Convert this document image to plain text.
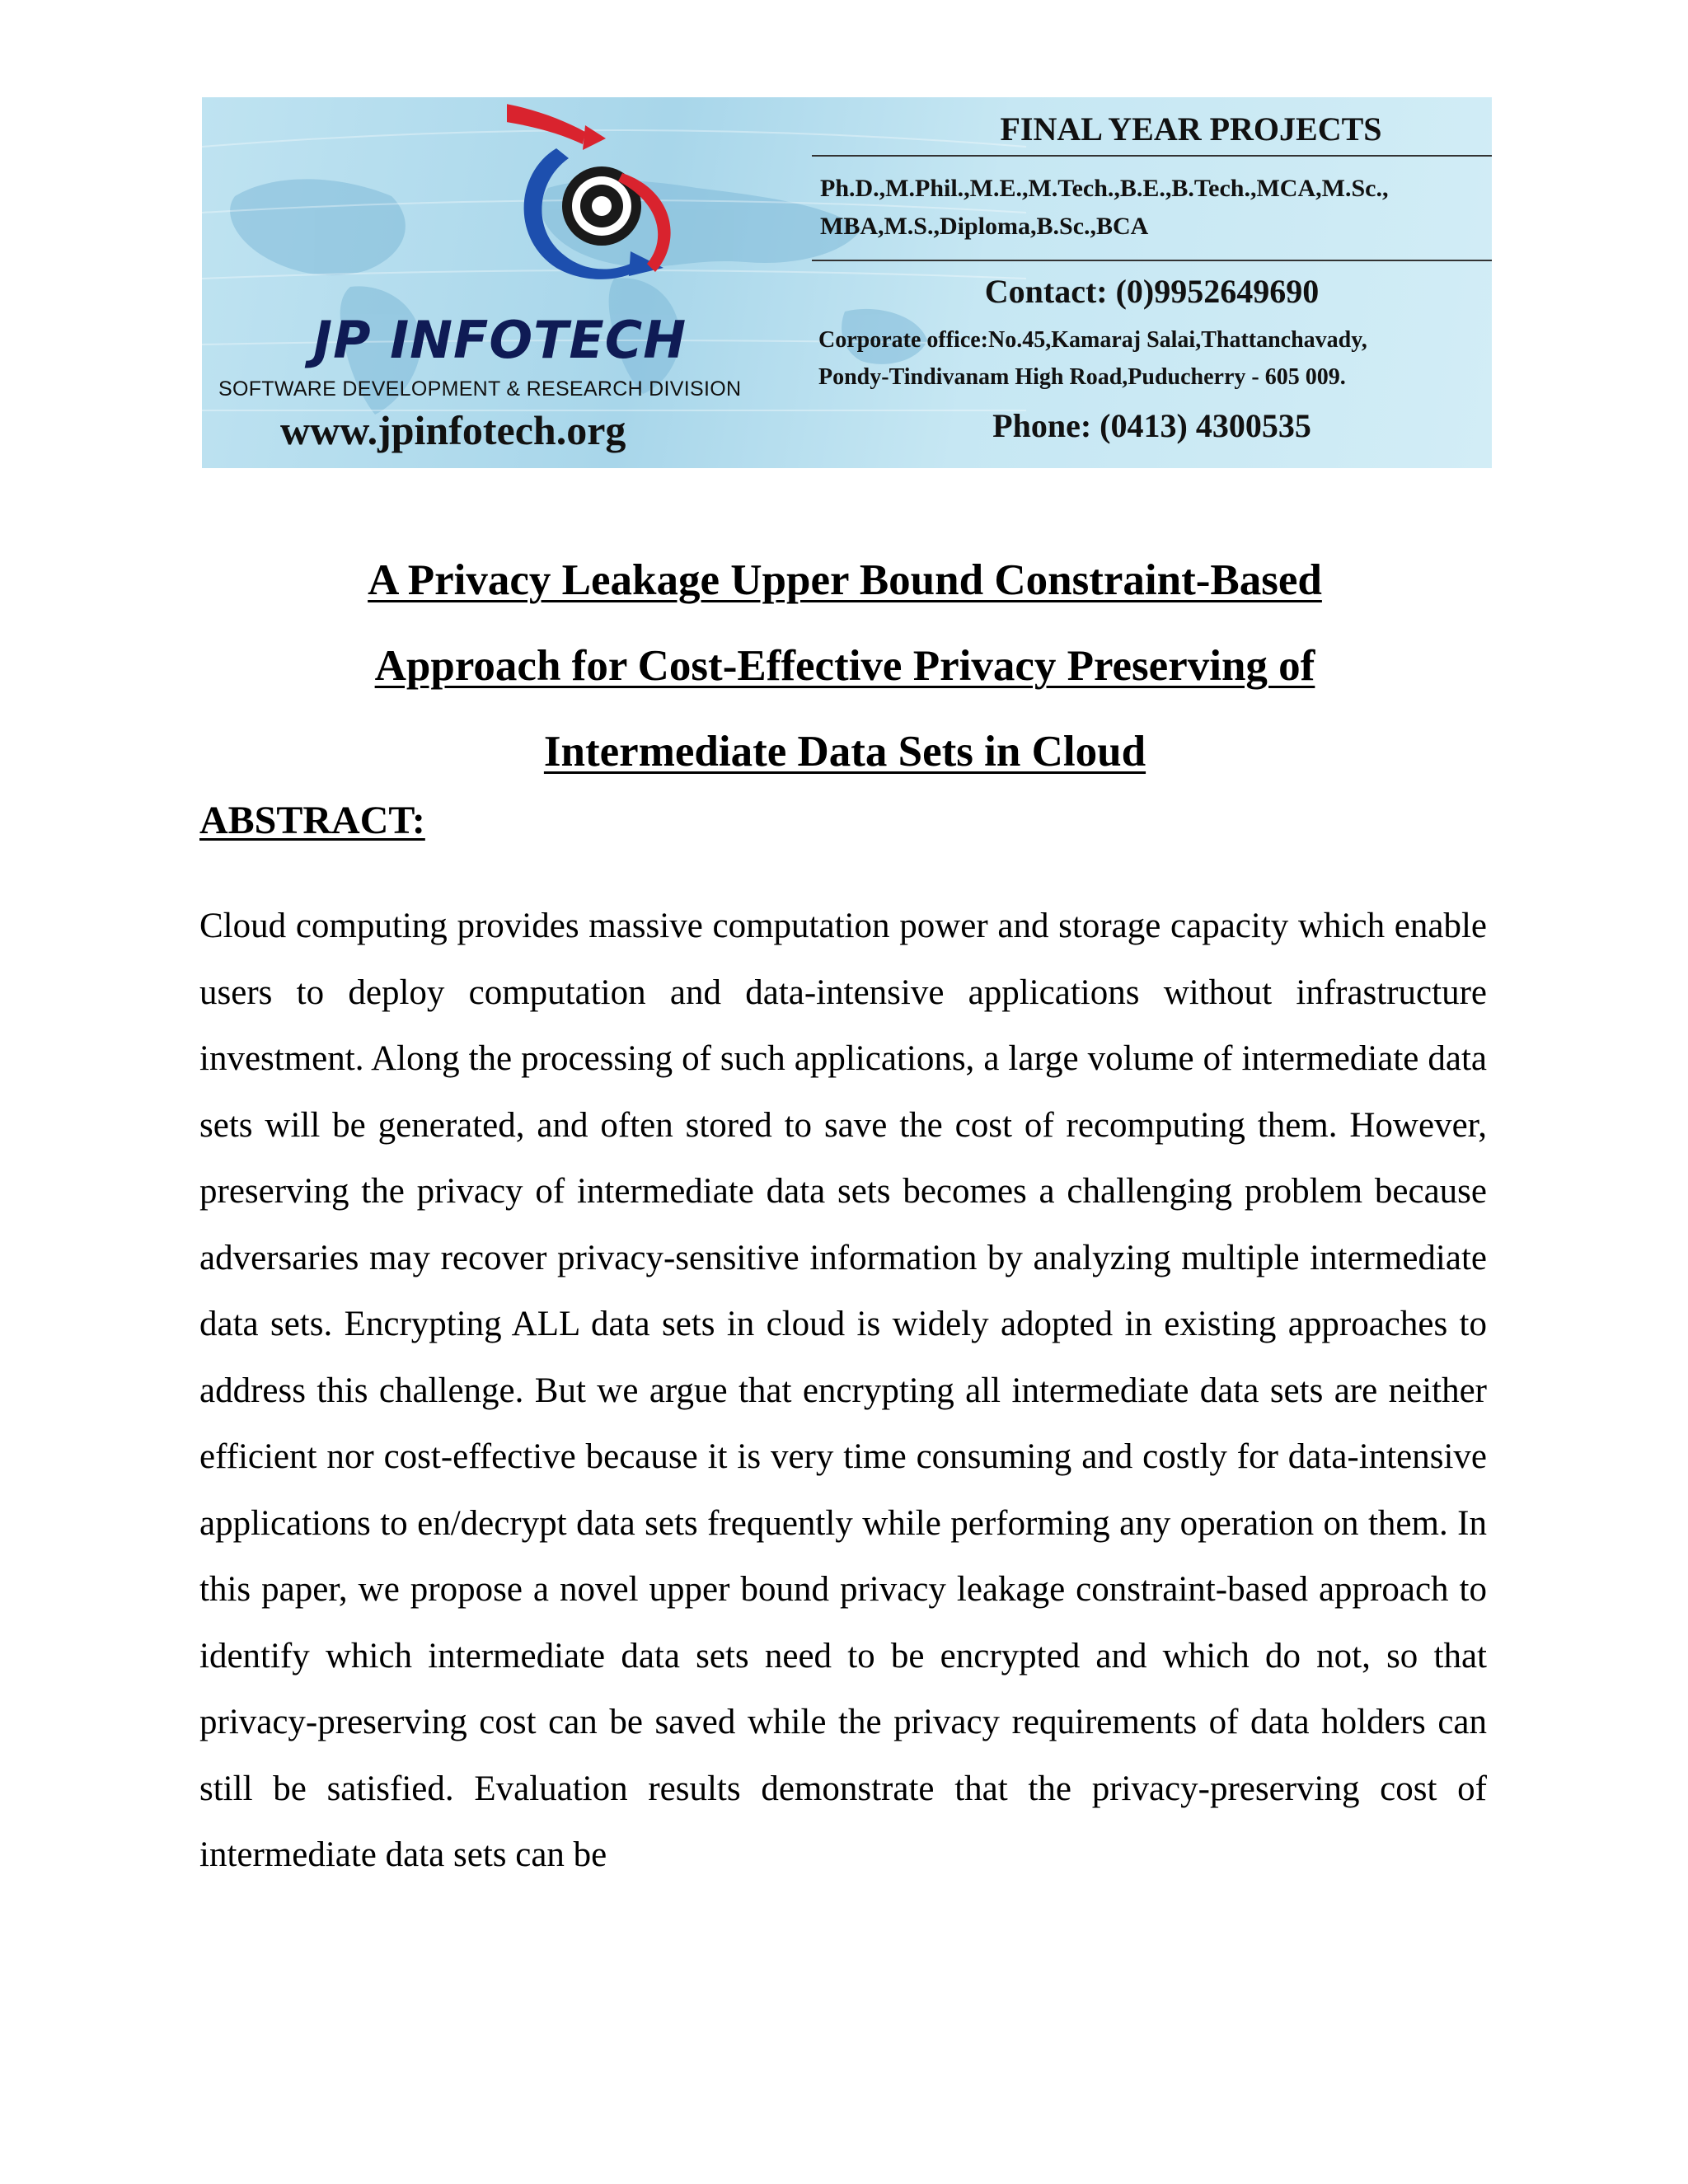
JP INFOTECH
SOFTWARE DEVELOPMENT & RESEARCH DIVISION
www.jpinfotech.org
FINAL YEAR PROJECTS
Ph.D.,M.Phil.,M.E.,M.Tech.,B.E.,B.Tech.,MCA,M.Sc.,
MBA,M.S.,Diploma,B.Sc.,BCA
Contact: (0)9952649690
Corporate office:No.45,Kamaraj Salai,Thattanchavady,
Pondy-Tindivanam High Road,Puducherry - 605 009.
Phone: (0413) 4300535
A Privacy Leakage Upper Bound Constraint-Based
Approach for Cost-Effective Privacy Preserving of
Intermediate Data Sets in Cloud
ABSTRACT:
Cloud computing provides massive computation power and storage capacity which enable users to deploy computation and data-intensive applications without infrastructure investment. Along the processing of such applications, a large volume of intermediate data sets will be generated, and often stored to save the cost of recomputing them. However, preserving the privacy of intermediate data sets becomes a challenging problem because adversaries may recover privacy-sensitive information by analyzing multiple intermediate data sets. Encrypting ALL data sets in cloud is widely adopted in existing approaches to address this challenge. But we argue that encrypting all intermediate data sets are neither efficient nor cost-effective because it is very time consuming and costly for data-intensive applications to en/decrypt data sets frequently while performing any operation on them. In this paper, we propose a novel upper bound privacy leakage constraint-based approach to identify which intermediate data sets need to be encrypted and which do not, so that privacy-preserving cost can be saved while the privacy requirements of data holders can still be satisfied. Evaluation results demonstrate that the privacy-preserving cost of intermediate data sets can be
